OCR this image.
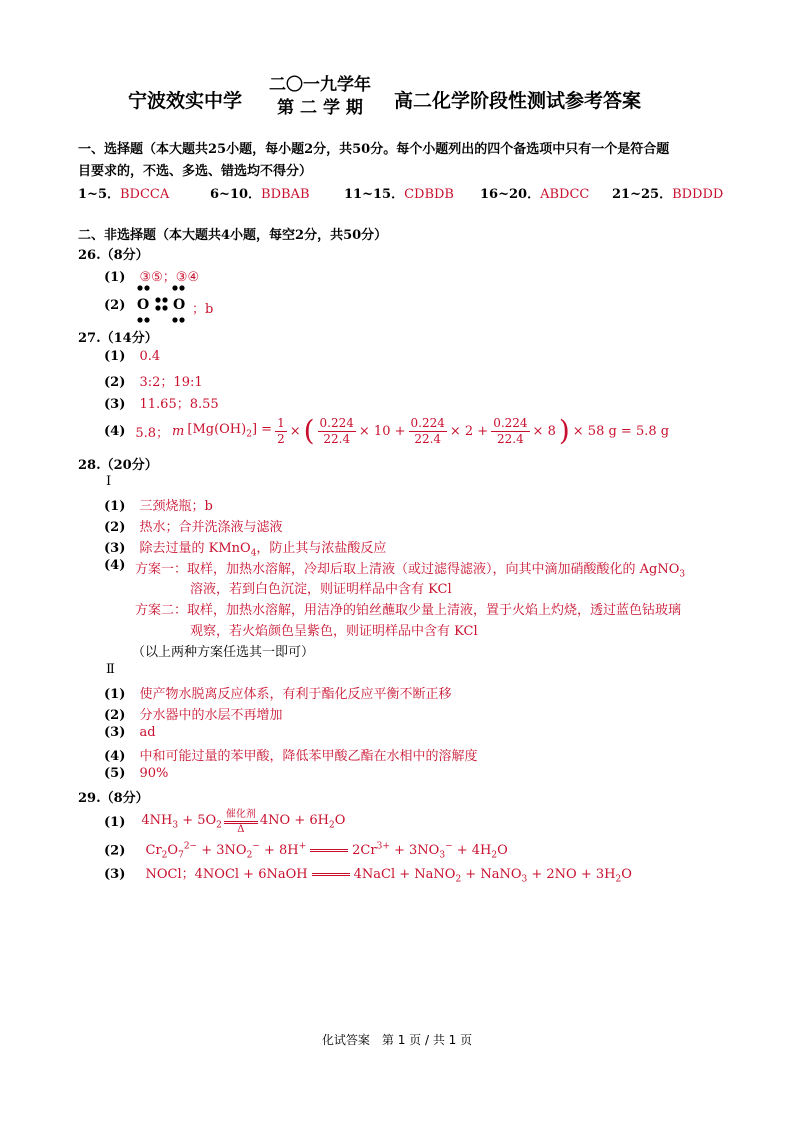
宁波效实中学
二〇一九学年
第 二 学 期	高二化学阶段性测试参考答案
一、选择题（本大题共25小题，每小题2分，共50分。每个小题列出的四个备选项中只有一个是符合题
目要求的，不选、多选、错选均不得分）
1~5．BDCCA	6~10．BDBAB	11~15．CDBDB 16~20．ABDCC 21~25．BDDDD
二、非选择题（本大题共4小题，每空2分，共50分）
26.（8分）
(1) ③⑤；③④
(2) O O ；b
27.（14分）
(1) 0.4
(2) 3:2；19:1
(3) 11.65；8.55
(4) 5.8； m $[Mg(OH)_2] = \frac{1}{2}$ × ( $\frac{0.224}{22.4} \times 10 + \frac{0.224}{22.4} \times 2 + \frac{0.224}{22.4} \times 8$ ) × 58 g = 5.8 g
28.（20分）
Ⅰ
(1) 三颈烧瓶；b
(2) 热水；合并洗涤液与滤液
(3) 除去过量的 KMnO$_4$，防止其与浓盐酸反应
(4) 方案一：取样，加热水溶解，冷却后取上清液（或过滤得滤液），向其中滴加硝酸酸化的 AgNO$_3$
溶液，若到白色沉淀，则证明样品中含有 KCl
方案二：取样，加热水溶解，用洁净的铂丝蘸取少量上清液，置于火焰上灼烧，透过蓝色钴玻璃
观察，若火焰颜色呈紫色，则证明样品中含有 KCl
（以上两种方案任选其一即可）
Ⅱ
(1) 使产物水脱离反应体系，有利于酯化反应平衡不断正移
(2) 分水器中的水层不再增加
(3) ad
(4) 中和可能过量的苯甲酸，降低苯甲酸乙酯在水相中的溶解度
(5) 90%
29.（8分）
(1) $4NH_3 + 5O_2$
催化剂
Δ
$4NO + 6H_2O$
(2) $Cr_2O_7^{2-} + 3NO_2^- + 8H^+$	$2Cr^{3+} + 3NO_3^- + 4H_2O$
(3) NOCl；4NOCl + 6NaOH	4NaCl + NaNO$_2$ + NaNO$_3$ + $2NO + 3H_2O$
化试答案　第 1 页 / 共 1 页
